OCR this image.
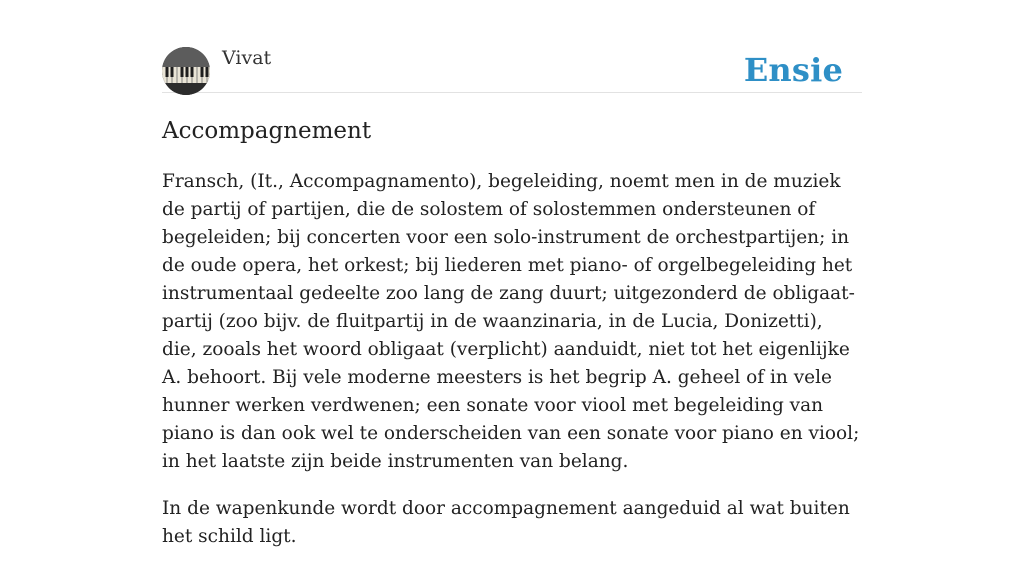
Vivat	Ensie
Accompagnement

Fransch, (It., Accompagnamento), begeleiding, noemt men in de muziek de partij of partijen, die de solostem of solostemmen ondersteunen of begeleiden; bij concerten voor een solo-instrument de orchestpartijen; in de oude opera, het orkest; bij liederen met piano- of orgelbegeleiding het instrumentaal gedeelte zoo lang de zang duurt; uitgezonderd de obligaat-partij (zoo bijv. de fluitpartij in de waanzinaria, in de Lucia, Donizetti), die, zooals het woord obligaat (verplicht) aanduidt, niet tot het eigenlijke A. behoort. Bij vele moderne meesters is het begrip A. geheel of in vele hunner werken verdwenen; een sonate voor viool met begeleiding van piano is dan ook wel te onderscheiden van een sonate voor piano en viool; in het laatste zijn beide instrumenten van belang.

In de wapenkunde wordt door accompagnement aangeduid al wat buiten het schild ligt.
